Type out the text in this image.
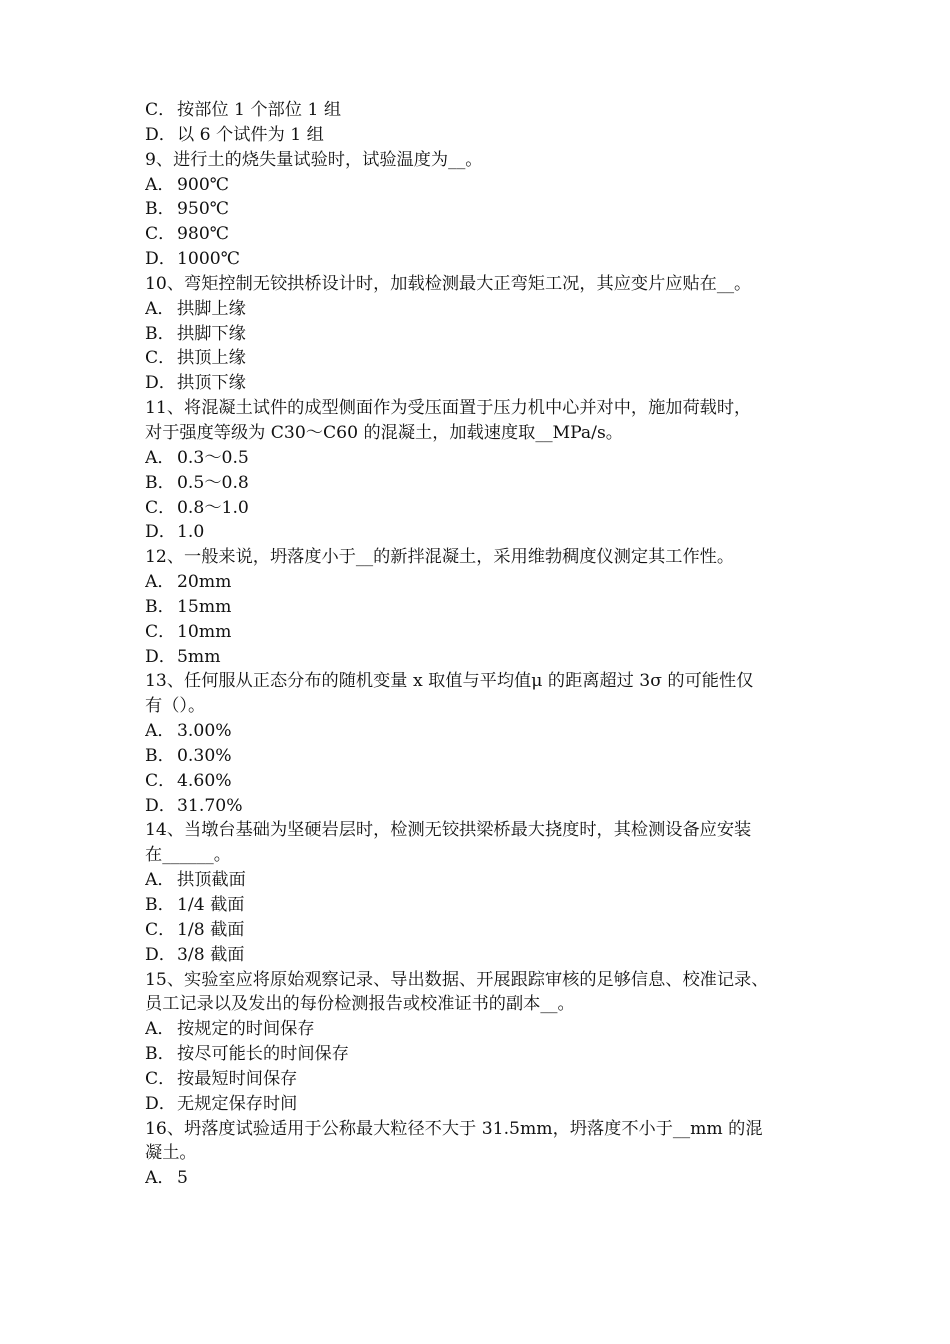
C．按部位 1 个部位 1 组
D．以 6 个试件为 1 组
9、进行土的烧失量试验时，试验温度为__。
A． 900℃
B． 950℃
C．980℃
D．1000℃
10、弯矩控制无铰拱桥设计时，加载检测最大正弯矩工况，其应变片应贴在__。
A． 拱脚上缘
B． 拱脚下缘
C．拱顶上缘
D．拱顶下缘
11、将混凝土试件的成型侧面作为受压面置于压力机中心并对中，施加荷载时，
对于强度等级为 C30～C60 的混凝土，加载速度取__MPa/s。
A． 0.3～0.5
B． 0.5～0.8
C．0.8～1.0
D．1.0
12、一般来说，坍落度小于__的新拌混凝土，采用维勃稠度仪测定其工作性。
A． 20mm
B． 15mm
C．10mm
D．5mm
13、任何服从正态分布的随机变量 x 取值与平均值μ 的距离超过 3σ 的可能性仅
有（）。
A． 3.00%
B． 0.30%
C．4.60%
D．31.70%
14、当墩台基础为坚硬岩层时，检测无铰拱梁桥最大挠度时，其检测设备应安装
在______。
A． 拱顶截面
B． 1/4 截面
C．1/8 截面
D．3/8 截面
15、实验室应将原始观察记录、导出数据、开展跟踪审核的足够信息、校准记录、
员工记录以及发出的每份检测报告或校准证书的副本__。
A． 按规定的时间保存
B． 按尽可能长的时间保存
C．按最短时间保存
D．无规定保存时间
16、坍落度试验适用于公称最大粒径不大于 31.5mm，坍落度不小于__mm 的混
凝土。
A． 5
